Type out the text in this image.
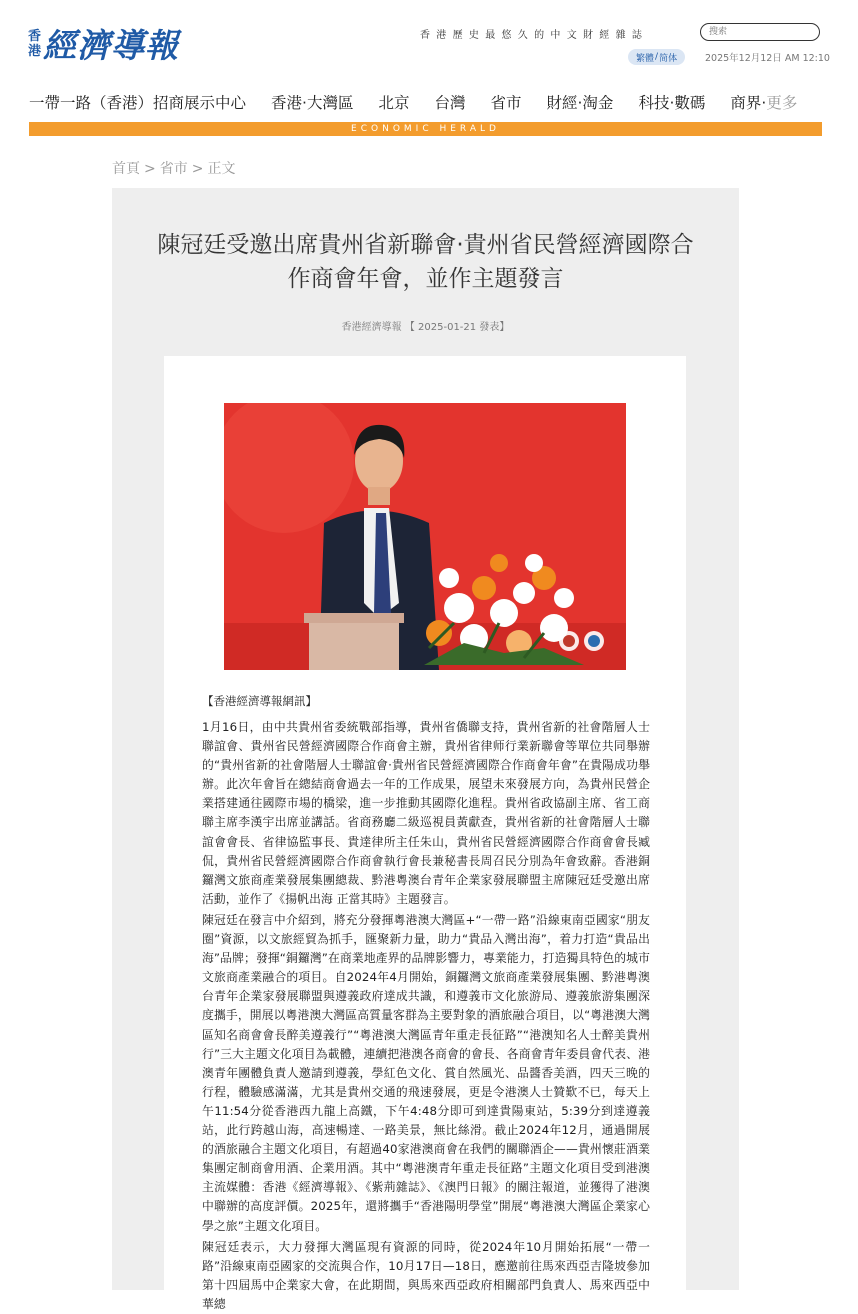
香
港 經濟導報	香港歷史最悠久的中文財經雜誌
搜索
繁體 / 简体	2025年12月12日 AM 12:10
一帶一路（香港）招商展示中心 香港·大灣區 北京 台灣 省市 財經·淘金 科技·數碼 商界·更多
ECONOMIC HERALD
首頁 > 省市 > 正文
陳冠廷受邀出席貴州省新聯會·貴州省民營經濟國際合作商會年會，並作主題發言
香港經濟導報 【 2025-01-21 發表】
【香港經濟導報網訊】

1月16日，由中共貴州省委統戰部指導，貴州省僑聯支持，貴州省新的社會階層人士聯誼會、貴州省民營經濟國際合作商會主辦，貴州省律师行業新聯會等單位共同舉辦的“貴州省新的社會階層人士聯誼會·貴州省民營經濟國際合作商會年會”在貴陽成功舉辦。此次年會旨在總結商會過去一年的工作成果，展望未來發展方向，為貴州民營企業搭建通往國際市場的橋梁，進一步推動其國際化進程。貴州省政協副主席、省工商聯主席李漢宇出席並講話。省商務廳二級巡視員黃獻查，貴州省新的社會階層人士聯誼會會長、省律協監事長、貴達律所主任朱山，貴州省民營經濟國際合作商會會長臧侃，貴州省民營經濟國際合作商會執行會長兼秘書長周召民分別為年會致辭。香港銅鑼灣文旅商產業發展集團總裁、黔港粵澳台青年企業家發展聯盟主席陳冠廷受邀出席活動，並作了《揚帆出海 正當其時》主題發言。

陳冠廷在發言中介紹到，將充分發揮粵港澳大灣區+“一帶一路”沿線東南亞國家“朋友圈”資源，以文旅經貿為抓手，匯聚新力量，助力“貴品入灣出海”，着力打造“貴品出海”品牌；發揮“銅鑼灣”在商業地產界的品牌影響力，專業能力，打造獨具特色的城市文旅商產業融合的項目。自2024年4月開始，銅鑼灣文旅商產業發展集團、黔港粵澳台青年企業家發展聯盟與遵義政府達成共識，和遵義市文化旅游局、遵義旅游集團深度攜手，開展以粵港澳大灣區高質量客群為主要對象的酒旅融合項目，以“粵港澳大灣區知名商會會長醉美遵義行”“粵港澳大灣區青年重走長征路”“港澳知名人士醉美貴州行”三大主題文化項目為載體，連續把港澳各商會的會長、各商會青年委員會代表、港澳青年團體負責人邀請到遵義，學紅色文化、賞自然風光、品醬香美酒，四天三晚的行程，體驗感滿滿，尤其是貴州交通的飛速發展，更是令港澳人士贊歎不已，每天上午11:54分從香港西九龍上高鐵，下午4:48分即可到達貴陽東站，5:39分到達遵義站，此行跨越山海，高速暢達、一路美景，無比絲滑。截止2024年12月，通過開展的酒旅融合主題文化項目，有超過40家港澳商會在我們的關聯酒企——貴州懷莊酒業集團定制商會用酒、企業用酒。其中“粵港澳青年重走長征路”主題文化項目受到港澳主流媒體：香港《經濟導報》、《紫荊雜誌》、《澳門日報》的關注報道，並獲得了港澳中聯辦的高度評價。2025年，還將攜手“香港陽明學堂”開展“粵港澳大灣區企業家心學之旅”主題文化項目。

陳冠廷表示，大力發揮大灣區現有資源的同時，從2024年10月開始拓展“一帶一路”沿線東南亞國家的交流與合作，10月17日—18日，應邀前往馬來西亞吉隆坡參加第十四屆馬中企業家大會，在此期間，與馬來西亞政府相關部門負責人、馬來西亞中華總
